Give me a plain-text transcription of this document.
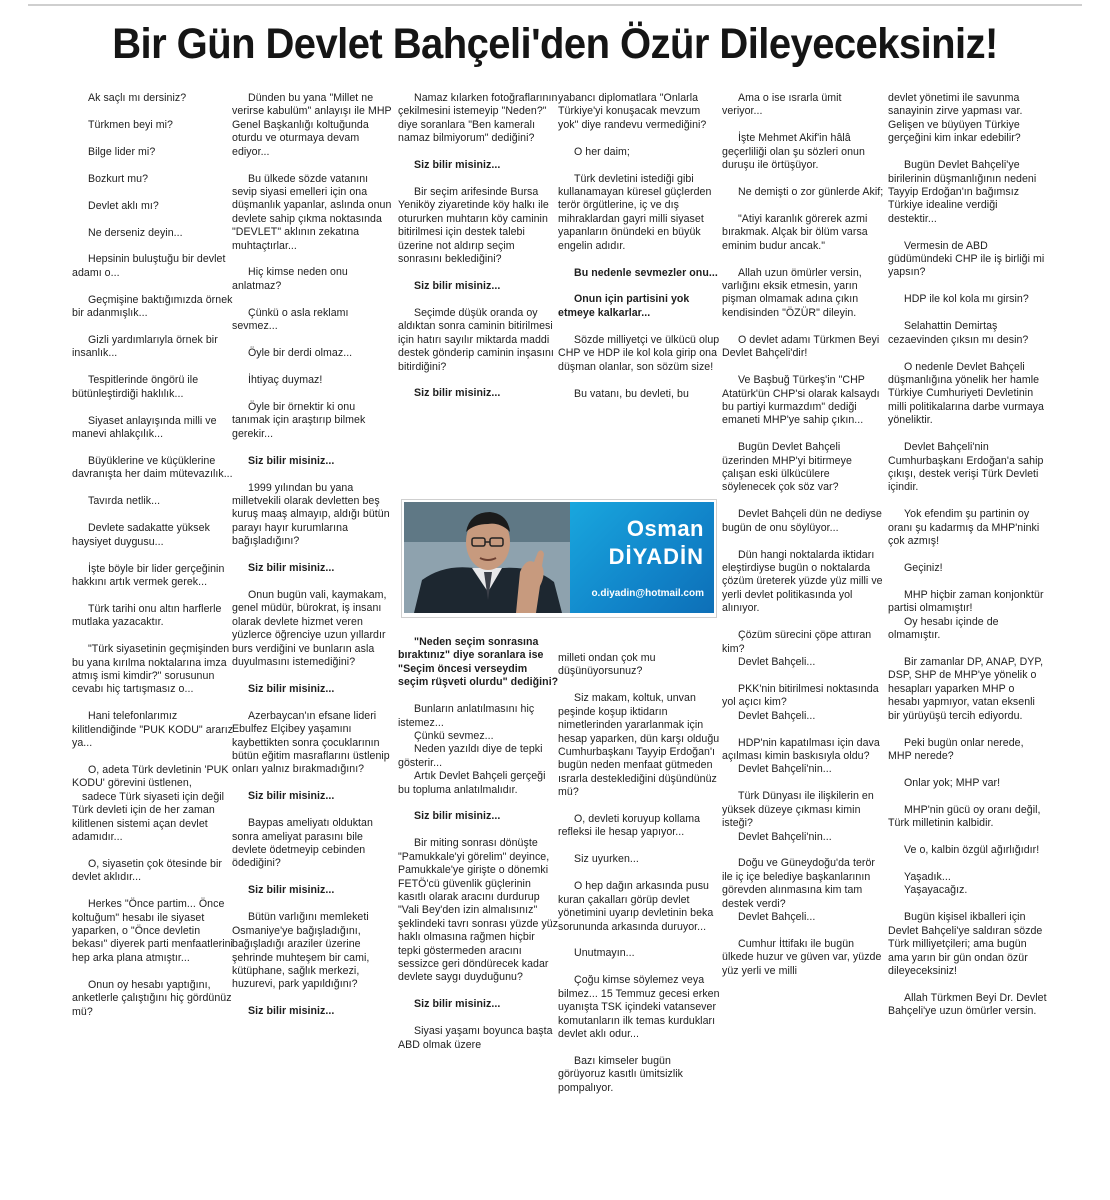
Bir Gün Devlet Bahçeli'den Özür Dileyeceksiniz!

Ak saçlı mı dersiniz?

Türkmen beyi mi?

Bilge lider mi?

Bozkurt mu?

Devlet aklı mı?

Ne derseniz deyin...

Hepsinin buluştuğu bir devlet adamı o...

Geçmişine baktığımızda örnek bir adanmışlık...

Gizli yardımlarıyla örnek bir insanlık...

Tespitlerinde öngörü ile bütünleştirdiği haklılık...

Siyaset anlayışında milli ve manevi ahlakçılık...

Büyüklerine ve küçüklerine davranışta her daim mütevazılık...

Tavırda netlik...

Devlete sadakatte yüksek haysiyet duygusu...

İşte böyle bir lider gerçeğinin hakkını artık vermek gerek...

Türk tarihi onu altın harflerle mutlaka yazacaktır.

"Türk siyasetinin geçmişinden bu yana kırılma noktalarına imza atmış ismi kimdir?" sorusunun cevabı hiç tartışmasız o...

Hani telefonlarımız kilitlendiğinde "PUK KODU" ararız ya...

O, adeta Türk devletinin 'PUK KODU' görevini üstlenen,

sadece Türk siyaseti için değil Türk devleti için de her zaman kilitlenen sistemi açan devlet adamıdır...

O, siyasetin çok ötesinde bir devlet aklıdır...

Herkes "Önce partim... Önce koltuğum" hesabı ile siyaset yaparken, o "Önce devletin bekası" diyerek parti menfaatlerini hep arka plana atmıştır...

Onun oy hesabı yaptığını, anketlerle çalıştığını hiç gördünüz mü?

Dünden bu yana "Millet ne verirse kabulüm" anlayışı ile MHP Genel Başkanlığı koltuğunda oturdu ve oturmaya devam ediyor...

Bu ülkede sözde vatanını sevip siyasi emelleri için ona düşmanlık yapanlar, aslında onun devlete sahip çıkma noktasında "DEVLET" aklının zekatına muhtaçtırlar...

Hiç kimse neden onu anlatmaz?

Çünkü o asla reklamı sevmez...

Öyle bir derdi olmaz...

İhtiyaç duymaz!

Öyle bir örnektir ki onu tanımak için araştırıp bilmek gerekir...

Siz bilir misiniz...

1999 yılından bu yana milletvekili olarak devletten beş kuruş maaş almayıp, aldığı bütün parayı hayır kurumlarına bağışladığını?

Siz bilir misiniz...

Onun bugün vali, kaymakam, genel müdür, bürokrat, iş insanı olarak devlete hizmet veren yüzlerce öğrenciye uzun yıllardır burs verdiğini ve bunların asla duyulmasını istemediğini?

Siz bilir misiniz...

Azerbaycan'ın efsane lideri Ebulfez Elçibey yaşamını kaybettikten sonra çocuklarının bütün eğitim masraflarını üstlenip onları yalnız bırakmadığını?

Siz bilir misiniz...

Baypas ameliyatı olduktan sonra ameliyat parasını bile devlete ödetmeyip cebinden ödediğini?

Siz bilir misiniz...

Bütün varlığını memleketi Osmaniye'ye bağışladığını, bağışladığı araziler üzerine şehrinde muhteşem bir cami, kütüphane, sağlık merkezi, huzurevi, park yapıldığını?

Siz bilir misiniz...

Namaz kılarken fotoğraflarının çekilmesini istemeyip "Neden?" diye soranlara "Ben kameralı namaz bilmiyorum" dediğini?

Siz bilir misiniz...

Bir seçim arifesinde Bursa Yeniköy ziyaretinde köy halkı ile otururken muhtarın köy caminin bitirilmesi için destek talebi üzerine not aldırıp seçim sonrasını beklediğini?

Siz bilir misiniz...

Seçimde düşük oranda oy aldıktan sonra caminin bitirilmesi için hatırı sayılır miktarda maddi destek gönderip caminin inşasını bitirdiğini?

Siz bilir misiniz...

yabancı diplomatlara "Onlarla Türkiye'yi konuşacak mevzum yok" diye randevu vermediğini?

O her daim;

Türk devletini istediği gibi kullanamayan küresel güçlerden terör örgütlerine, iç ve dış mihraklardan gayri milli siyaset yapanların önündeki en büyük engelin adıdır.

Bu nedenle sevmezler onu...

Onun için partisini yok etmeye kalkarlar...

Sözde milliyetçi ve ülkücü olup CHP ve HDP ile kol kola girip ona düşman olanlar, son sözüm size!

Bu vatanı, bu devleti, bu

Osman
DİYADİN
o.diyadin@hotmail.com

"Neden seçim sonrasına bıraktınız" diye soranlara ise "Seçim öncesi verseydim seçim rüşveti olurdu" dediğini?

Bunların anlatılmasını hiç istemez...

Çünkü sevmez...

Neden yazıldı diye de tepki gösterir...

Artık Devlet Bahçeli gerçeği bu topluma anlatılmalıdır.

Siz bilir misiniz...

Bir miting sonrası dönüşte "Pamukkale'yi görelim" deyince, Pamukkale'ye girişte o dönemki FETÖ'cü güvenlik güçlerinin kasıtlı olarak aracını durdurup "Vali Bey'den izin almalısınız" şeklindeki tavrı sonrası yüzde yüz haklı olmasına rağmen hiçbir tepki göstermeden aracını sessizce geri döndürecek kadar devlete saygı duyduğunu?

Siz bilir misiniz...

Siyasi yaşamı boyunca başta ABD olmak üzere

milleti ondan çok mu düşünüyorsunuz?

Siz makam, koltuk, unvan peşinde koşup iktidarın nimetlerinden yararlanmak için hesap yaparken, dün karşı olduğu Cumhurbaşkanı Tayyip Erdoğan'ı bugün neden menfaat gütmeden ısrarla desteklediğini düşündünüz mü?

O, devleti koruyup kollama refleksi ile hesap yapıyor...

Siz uyurken...

O hep dağın arkasında pusu kuran çakalları görüp devlet yönetimini uyarıp devletinin beka sorununda arkasında duruyor...

Unutmayın...

Çoğu kimse söylemez veya bilmez... 15 Temmuz gecesi erken uyanışta TSK içindeki vatansever komutanların ilk temas kurdukları devlet aklı odur...

Bazı kimseler bugün görüyoruz kasıtlı ümitsizlik pompalıyor.

Ama o ise ısrarla ümit veriyor...

İşte Mehmet Akif'in hâlâ geçerliliği olan şu sözleri onun duruşu ile örtüşüyor.

Ne demişti o zor günlerde Akif;

"Atiyi karanlık görerek azmi bırakmak. Alçak bir ölüm varsa eminim budur ancak."

Allah uzun ömürler versin, varlığını eksik etmesin, yarın pişman olmamak adına çıkın kendisinden "ÖZÜR" dileyin.

O devlet adamı Türkmen Beyi Devlet Bahçeli'dir!

Ve Başbuğ Türkeş'in "CHP Atatürk'ün CHP'si olarak kalsaydı bu partiyi kurmazdım" dediği emaneti MHP'ye sahip çıkın...

Bugün Devlet Bahçeli üzerinden MHP'yi bitirmeye çalışan eski ülkücülere söylenecek çok söz var?

Devlet Bahçeli dün ne dediyse bugün de onu söylüyor...

Dün hangi noktalarda iktidarı eleştirdiyse bugün o noktalarda çözüm üreterek yüzde yüz milli ve yerli devlet politikasında yol alınıyor.

Çözüm sürecini çöpe attıran kim?

Devlet Bahçeli...

PKK'nin bitirilmesi noktasında yol açıcı kim?

Devlet Bahçeli...

HDP'nin kapatılması için dava açılması kimin baskısıyla oldu?

Devlet Bahçeli'nin...

Türk Dünyası ile ilişkilerin en yüksek düzeye çıkması kimin isteği?

Devlet Bahçeli'nin...

Doğu ve Güneydoğu'da terör ile iç içe belediye başkanlarının görevden alınmasına kim tam destek verdi?

Devlet Bahçeli...

Cumhur İttifakı ile bugün ülkede huzur ve güven var, yüzde yüz yerli ve milli

devlet yönetimi ile savunma sanayinin zirve yapması var. Gelişen ve büyüyen Türkiye gerçeğini kim inkar edebilir?

Bugün Devlet Bahçeli'ye birilerinin düşmanlığının nedeni Tayyip Erdoğan'ın bağımsız Türkiye idealine verdiği destektir...

Vermesin de ABD güdümündeki CHP ile iş birliği mi yapsın?

HDP ile kol kola mı girsin?

Selahattin Demirtaş cezaevinden çıksın mı desin?

O nedenle Devlet Bahçeli düşmanlığına yönelik her hamle Türkiye Cumhuriyeti Devletinin milli politikalarına darbe vurmaya yöneliktir.

Devlet Bahçeli'nin Cumhurbaşkanı Erdoğan'a sahip çıkışı, destek verişi Türk Devleti içindir.

Yok efendim şu partinin oy oranı şu kadarmış da MHP'ninki çok azmış!

Geçiniz!

MHP hiçbir zaman konjonktür partisi olmamıştır!

Oy hesabı içinde de olmamıştır.

Bir zamanlar DP, ANAP, DYP, DSP, SHP de MHP'ye yönelik o hesapları yaparken MHP o hesabı yapmıyor, vatan eksenli bir yürüyüşü tercih ediyordu.

Peki bugün onlar nerede, MHP nerede?

Onlar yok; MHP var!

MHP'nin gücü oy oranı değil, Türk milletinin kalbidir.

Ve o, kalbin özgül ağırlığıdır!

Yaşadık...

Yaşayacağız.

Bugün kişisel ikballeri için Devlet Bahçeli'ye saldıran sözde Türk milliyetçileri; ama bugün ama yarın bir gün ondan özür dileyeceksiniz!

Allah Türkmen Beyi Dr. Devlet Bahçeli'ye uzun ömürler versin.
